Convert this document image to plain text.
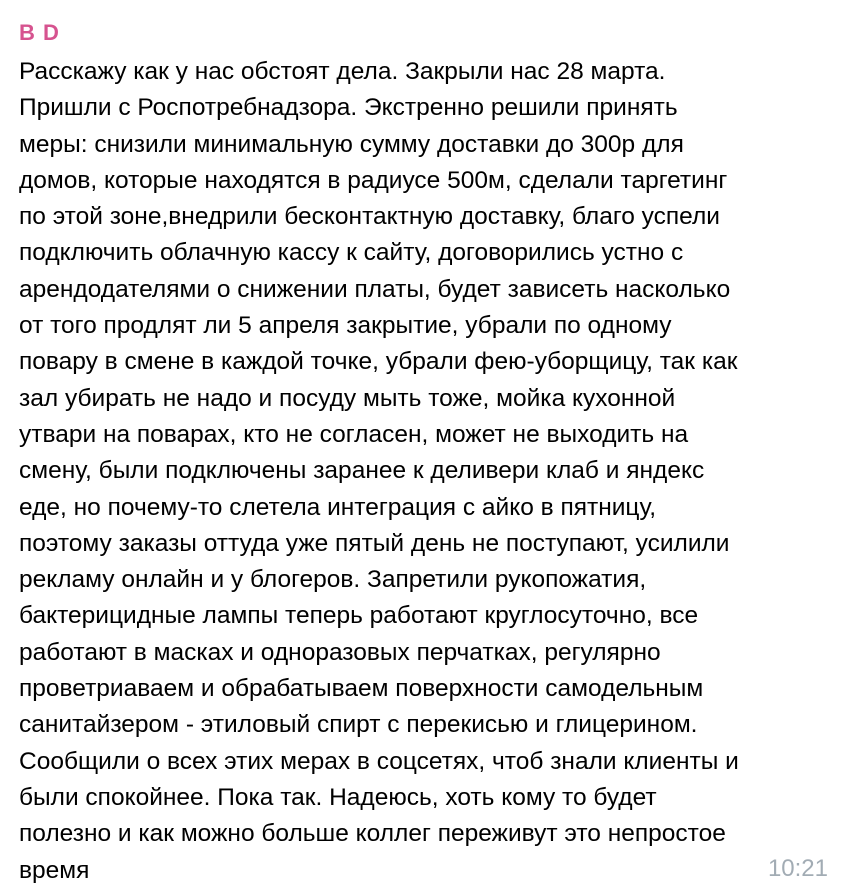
B D
Расскажу как у нас обстоят дела. Закрыли нас 28 марта.
Пришли с Роспотребнадзора. Экстренно решили принять
меры: снизили минимальную сумму доставки до 300р для
домов, которые находятся в радиусе 500м, сделали таргетинг
по этой зоне,внедрили бесконтактную доставку, благо успели
подключить облачную кассу к сайту, договорились устно с
арендодателями о снижении платы, будет зависеть насколько
от того продлят ли 5 апреля закрытие, убрали по одному
повару в смене в каждой точке, убрали фею-уборщицу, так как
зал убирать не надо и посуду мыть тоже, мойка кухонной
утвари на поварах, кто не согласен, может не выходить на
смену, были подключены заранее к деливери клаб и яндекс
еде, но почему-то слетела интеграция с айко в пятницу,
поэтому заказы оттуда уже пятый день не поступают, усилили
рекламу онлайн и у блогеров. Запретили рукопожатия,
бактерицидные лампы теперь работают круглосуточно, все
работают в масках и одноразовых перчатках, регулярно
проветриаваем и обрабатываем поверхности самодельным
санитайзером - этиловый спирт с перекисью и глицерином.
Сообщили о всех этих мерах в соцсетях, чтоб знали клиенты и
были спокойнее. Пока так. Надеюсь, хоть кому то будет
полезно и как можно больше коллег переживут это непростое
время	10:21
